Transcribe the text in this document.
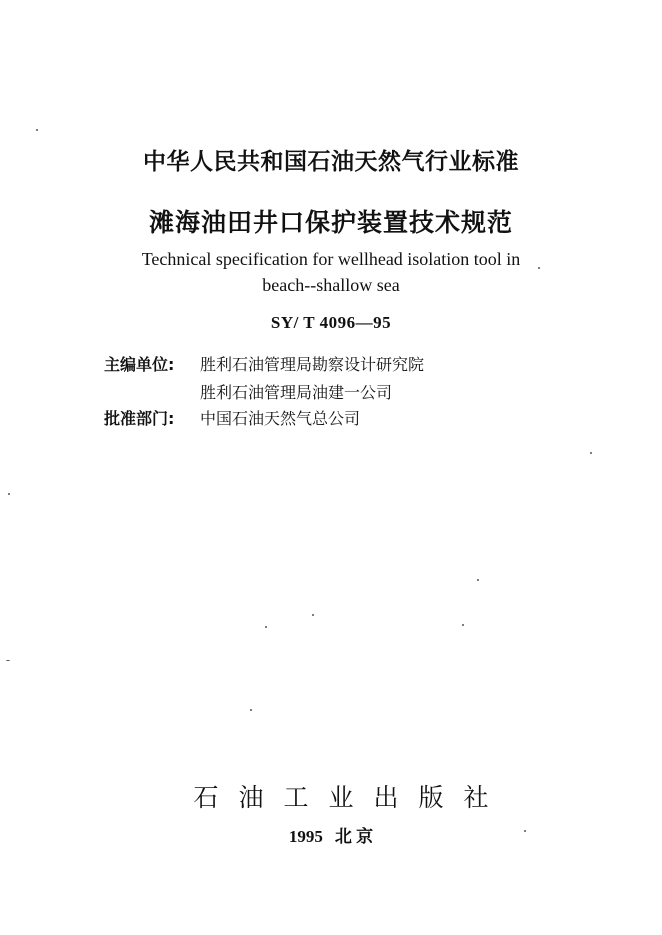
中华人民共和国石油天然气行业标准
滩海油田井口保护装置技术规范
Technical specification for wellhead isolation tool in
beach--shallow sea
SY/ T 4096—95
主编单位: 胜利石油管理局勘察设计研究院
胜利石油管理局油建一公司
批准部门: 中国石油天然气总公司
石油工业出版社
1995 北 京
